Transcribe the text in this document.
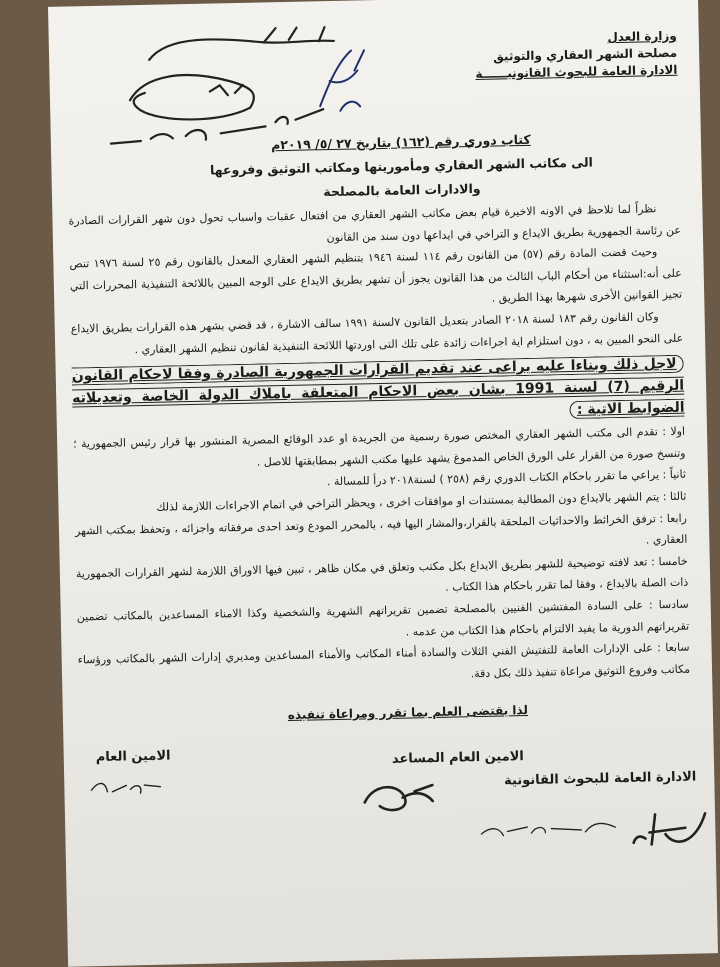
وزارة العدل
مصلحة الشهر العقاري والتوثيق
الادارة العامة للبحوث القانونيــــــة
كتاب دوري رقم (١٦٢) بتاريخ ٢٧ /٥/ ٢٠١٩م
الى مكاتب الشهر العقاري ومأموريتها ومكاتب التوثيق وفروعها
والادارات العامة بالمصلحة

نظراً لما تلاحظ في الاونه الاخيرة قيام بعض مكاتب الشهر العقاري من افتعال عقبات واسباب تحول دون شهر القرارات الصادرة عن رئاسة الجمهورية بطريق الايداع و التراخي في ايداعها دون سند من القانون

وحيث قضت المادة رقم (٥٧) من القانون رقم ١١٤ لسنة ١٩٤٦ بتنظيم الشهر العقاري المعدل بالقانون رقم ٢٥ لسنة ١٩٧٦ تنص على أنه:استثناء من أحكام الباب الثالث من هذا القانون يجوز أن تشهر بطريق الايداع على الوجه المبين باللائحة التنفيذية المحررات التي تجيز القوانين الأخرى شهرها بهذا الطريق .

وكان القانون رقم ١٨٣ لسنة ٢٠١٨ الصادر بتعديل القانون ٧لسنة ١٩٩١ سالف الاشارة ، قد قضي بشهر هذه القرارات بطريق الايداع على النحو المبين به ، دون استلزام اية اجراءات زائدة على تلك التى اوردتها اللائحة التنفيذية لقانون تنظيم الشهر العقاري .

لاجل ذلك وبناءا عليه يراعى عند تقديم القرارات الجمهورية الصادرة وفقا لاحكام القانون الرقيم (7) لسنة 1991 بشان بعض الاحكام المتعلقة باملاك الدولة الخاصة وتعديلاته الضوابط الاتية :

اولا : تقدم الى مكتب الشهر العقاري المختص صورة رسمية من الجريدة او عدد الوقائع المصرية المنشور بها قرار رئيس الجمهورية ؛ وتنسخ صورة من القرار على الورق الخاص المدموغ يشهد عليها مكتب الشهر بمطابقتها للاصل .

ثانياً : يراعي ما تقرر باحكام الكتاب الدوري رقم (٢٥٨ ) لسنة٢٠١٨ درأ للمسالة .

ثالثا : يتم الشهر بالايداع دون المطالبة بمستندات او موافقات اخرى ، ويحظر التراخي في اتمام الاجراءات اللازمة لذلك

رابعا : ترفق الخرائط والاحداثيات الملحقة بالقرار،والمشار اليها فيه ، بالمحرر المودع وتعد احدى مرفقاته واجزائه ، وتحفظ بمكتب الشهر العقاري .

خامسا : تعد لافته توضيحية للشهر بطريق الايداع بكل مكتب وتعلق في مكان ظاهر ، تبين فيها الاوراق اللازمة لشهر القرارات الجمهورية ذات الصلة بالايداع ، وفقا لما تقرر باحكام هذا الكتاب .

سادسا : على السادة المفتشين الفنيين بالمصلحة تضمين تقريراتهم الشهرية والشخصية وكذا الامناء المساعدين بالمكاتب تضمين تقريراتهم الدورية ما يفيد الالتزام باحكام هذا الكتاب من عدمه .

سابعا : على الإدارات العامة للتفتيش الفني الثلاث والسادة أمناء المكاتب والأمناء المساعدين ومديري إدارات الشهر بالمكاتب ورؤساء مكاتب وفروع التوثيق مراعاة تنفيذ ذلك بكل دقة.

لذا يقتضى العلم بما تقرر ومراعاة تنفيذه
الامين العام المساعد
الامين العام
الادارة العامة للبحوث القانونية
